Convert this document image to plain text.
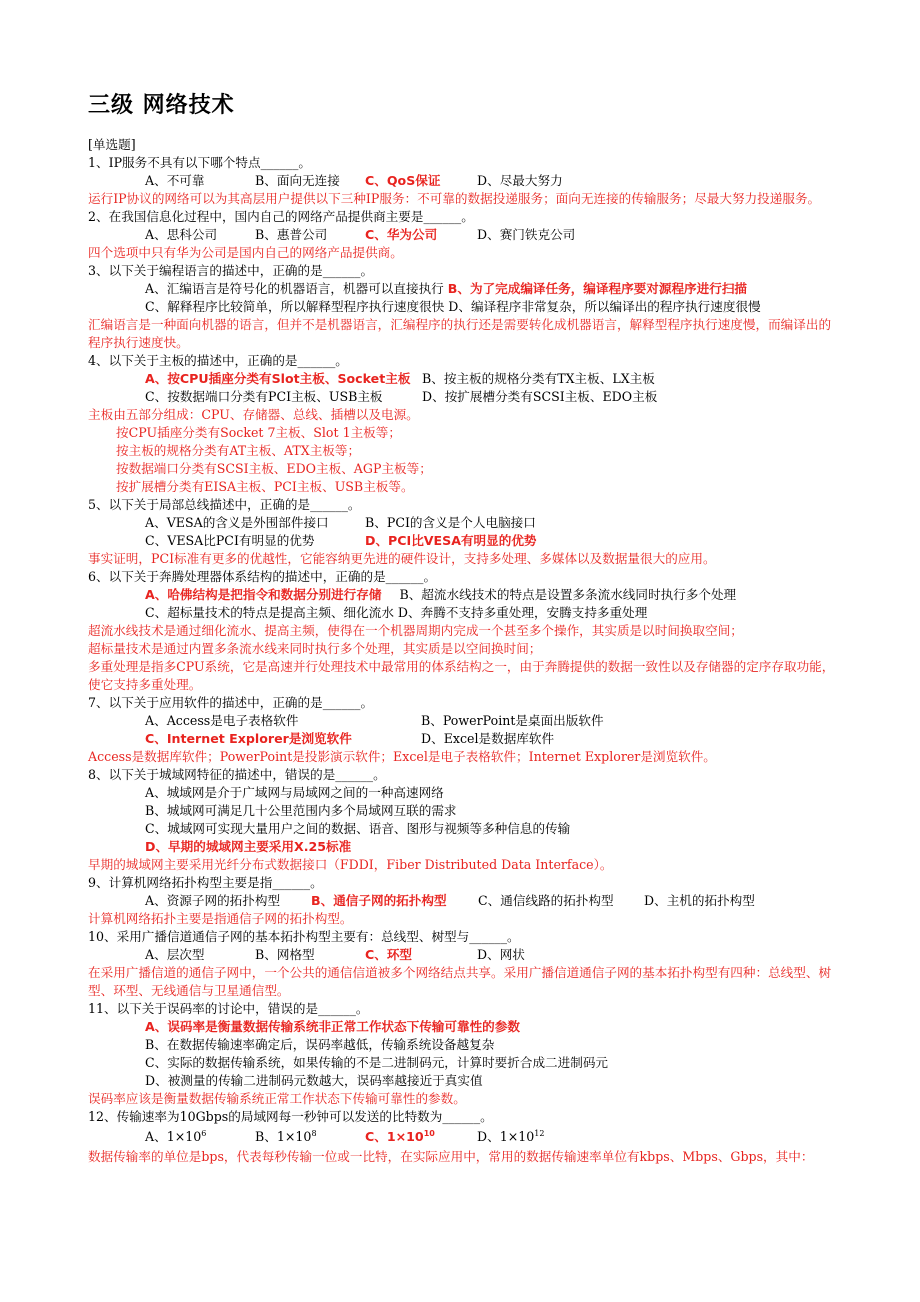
三级 网络技术
[单选题]
1、IP服务不具有以下哪个特点______。
A、不可靠	B、面向无连接 C、QoS保证	D、尽最大努力
运行IP协议的网络可以为其高层用户提供以下三种IP服务：不可靠的数据投递服务；面向无连接的传输服务；尽最大努力投递服务。
2、在我国信息化过程中，国内自己的网络产品提供商主要是______。
A、思科公司	B、惠普公司	C、华为公司	D、赛门铁克公司
四个选项中只有华为公司是国内自己的网络产品提供商。
3、以下关于编程语言的描述中，正确的是______。
A、汇编语言是符号化的机器语言，机器可以直接执行 B、为了完成编译任务，编译程序要对源程序进行扫描
C、解释程序比较简单，所以解释型程序执行速度很快 D、编译程序非常复杂，所以编译出的程序执行速度很慢
汇编语言是一种面向机器的语言，但并不是机器语言，汇编程序的执行还是需要转化成机器语言，解释型程序执行速度慢，而编译出的程序执行速度快。
4、以下关于主板的描述中，正确的是______。
A、按CPU插座分类有Slot主板、Socket主板 B、按主板的规格分类有TX主板、LX主板
C、按数据端口分类有PCI主板、USB主板	D、按扩展槽分类有SCSI主板、EDO主板
主板由五部分组成：CPU、存储器、总线、插槽以及电源。
按CPU插座分类有Socket 7主板、Slot 1主板等；
按主板的规格分类有AT主板、ATX主板等；
按数据端口分类有SCSI主板、EDO主板、AGP主板等；
按扩展槽分类有EISA主板、PCI主板、USB主板等。
5、以下关于局部总线描述中，正确的是______。
A、VESA的含义是外围部件接口	B、PCI的含义是个人电脑接口
C、VESA比PCI有明显的优势	D、PCI比VESA有明显的优势
事实证明，PCI标准有更多的优越性，它能容纳更先进的硬件设计，支持多处理、多媒体以及数据量很大的应用。
6、以下关于奔腾处理器体系结构的描述中，正确的是______。
A、哈佛结构是把指令和数据分别进行存储 B、超流水线技术的特点是设置多条流水线同时执行多个处理
C、超标量技术的特点是提高主频、细化流水 D、奔腾不支持多重处理，安腾支持多重处理
超流水线技术是通过细化流水、提高主频，使得在一个机器周期内完成一个甚至多个操作，其实质是以时间换取空间；
超标量技术是通过内置多条流水线来同时执行多个处理，其实质是以空间换时间；
多重处理是指多CPU系统，它是高速并行处理技术中最常用的体系结构之一，由于奔腾提供的数据一致性以及存储器的定序存取功能，使它支持多重处理。
7、以下关于应用软件的描述中，正确的是______。
A、Access是电子表格软件	B、PowerPoint是桌面出版软件
C、Internet Explorer是浏览软件	D、Excel是数据库软件
Access是数据库软件；PowerPoint是投影演示软件；Excel是电子表格软件；Internet Explorer是浏览软件。
8、以下关于城域网特征的描述中，错误的是______。
A、城域网是介于广域网与局域网之间的一种高速网络
B、城域网可满足几十公里范围内多个局域网互联的需求
C、城域网可实现大量用户之间的数据、语音、图形与视频等多种信息的传输
D、早期的城域网主要采用X.25标准
早期的城域网主要采用光纤分布式数据接口（FDDI，Fiber Distributed Data Interface）。
9、计算机网络拓扑构型主要是指______。
A、资源子网的拓扑构型 B、通信子网的拓扑构型 C、通信线路的拓扑构型 D、主机的拓扑构型
计算机网络拓扑主要是指通信子网的拓扑构型。
10、采用广播信道通信子网的基本拓扑构型主要有：总线型、树型与______。
A、层次型	B、网格型	C、环型	D、网状
在采用广播信道的通信子网中，一个公共的通信信道被多个网络结点共享。采用广播信道通信子网的基本拓扑构型有四种：总线型、树型、环型、无线通信与卫星通信型。
11、以下关于误码率的讨论中，错误的是______。
A、误码率是衡量数据传输系统非正常工作状态下传输可靠性的参数
B、在数据传输速率确定后，误码率越低，传输系统设备越复杂
C、实际的数据传输系统，如果传输的不是二进制码元，计算时要折合成二进制码元
D、被测量的传输二进制码元数越大，误码率越接近于真实值
误码率应该是衡量数据传输系统正常工作状态下传输可靠性的参数。
12、传输速率为10Gbps的局域网每一秒钟可以发送的比特数为______。
A、$1\times 10^6$	B、$1\times 10^8$	C、$1\times 10^{10}$	D、$1\times 10^{12}$
数据传输率的单位是bps，代表每秒传输一位或一比特，在实际应用中，常用的数据传输速率单位有kbps、Mbps、Gbps，其中：
